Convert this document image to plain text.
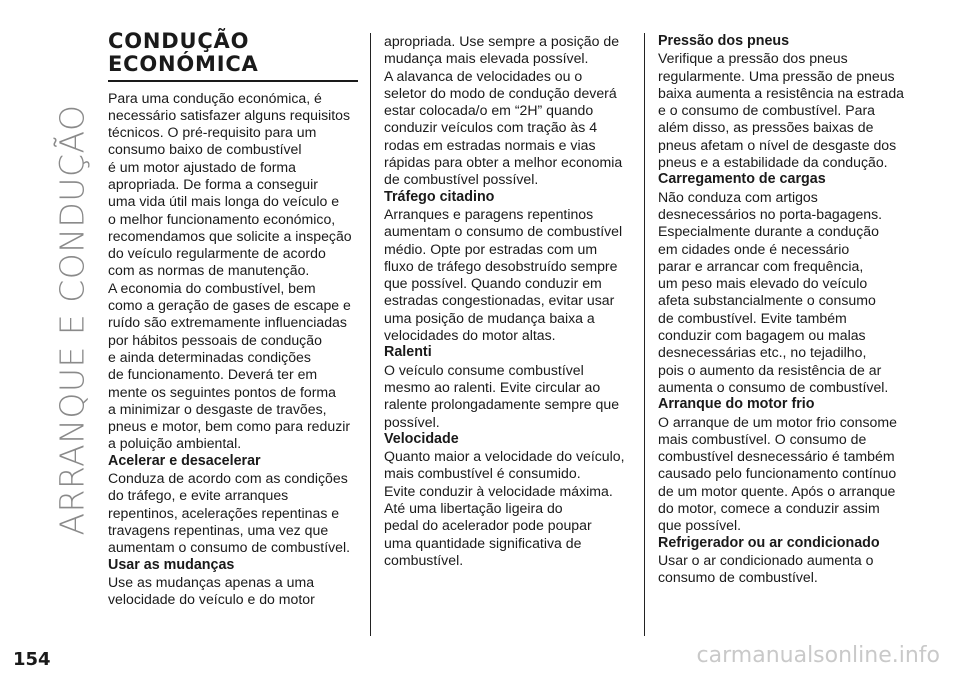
ARRANQUE E CONDUÇÃO
CONDUÇÃO
ECONÓMICA

Para uma condução económica, é
necessário satisfazer alguns requisitos
técnicos. O pré-requisito para um
consumo baixo de combustível
é um motor ajustado de forma
apropriada. De forma a conseguir
uma vida útil mais longa do veículo e
o melhor funcionamento económico,
recomendamos que solicite a inspeção
do veículo regularmente de acordo
com as normas de manutenção.

A economia do combustível, bem
como a geração de gases de escape e
ruído são extremamente influenciadas
por hábitos pessoais de condução
e ainda determinadas condições
de funcionamento. Deverá ter em
mente os seguintes pontos de forma
a minimizar o desgaste de travões,
pneus e motor, bem como para reduzir
a poluição ambiental.

Acelerar e desacelerar

Conduza de acordo com as condições
do tráfego, e evite arranques
repentinos, acelerações repentinas e
travagens repentinas, uma vez que
aumentam o consumo de combustível.

Usar as mudanças

Use as mudanças apenas a uma
velocidade do veículo e do motor

apropriada. Use sempre a posição de
mudança mais elevada possível.
A alavanca de velocidades ou o
seletor do modo de condução deverá
estar colocada/o em “2H” quando
conduzir veículos com tração às 4
rodas em estradas normais e vias
rápidas para obter a melhor economia
de combustível possível.

Tráfego citadino

Arranques e paragens repentinos
aumentam o consumo de combustível
médio. Opte por estradas com um
fluxo de tráfego desobstruído sempre
que possível. Quando conduzir em
estradas congestionadas, evitar usar
uma posição de mudança baixa a
velocidades do motor altas.

Ralenti

O veículo consume combustível
mesmo ao ralenti. Evite circular ao
ralente prolongadamente sempre que
possível.

Velocidade

Quanto maior a velocidade do veículo,
mais combustível é consumido.
Evite conduzir à velocidade máxima.
Até uma libertação ligeira do
pedal do acelerador pode poupar
uma quantidade significativa de
combustível.

Pressão dos pneus

Verifique a pressão dos pneus
regularmente. Uma pressão de pneus
baixa aumenta a resistência na estrada
e o consumo de combustível. Para
além disso, as pressões baixas de
pneus afetam o nível de desgaste dos
pneus e a estabilidade da condução.

Carregamento de cargas

Não conduza com artigos
desnecessários no porta-bagagens.
Especialmente durante a condução
em cidades onde é necessário
parar e arrancar com frequência,
um peso mais elevado do veículo
afeta substancialmente o consumo
de combustível. Evite também
conduzir com bagagem ou malas
desnecessárias etc., no tejadilho,
pois o aumento da resistência de ar
aumenta o consumo de combustível.

Arranque do motor frio

O arranque de um motor frio consome
mais combustível. O consumo de
combustível desnecessário é também
causado pelo funcionamento contínuo
de um motor quente. Após o arranque
do motor, comece a conduzir assim
que possível.

Refrigerador ou ar condicionado

Usar o ar condicionado aumenta o
consumo de combustível.

154	carmanualsonline.info
